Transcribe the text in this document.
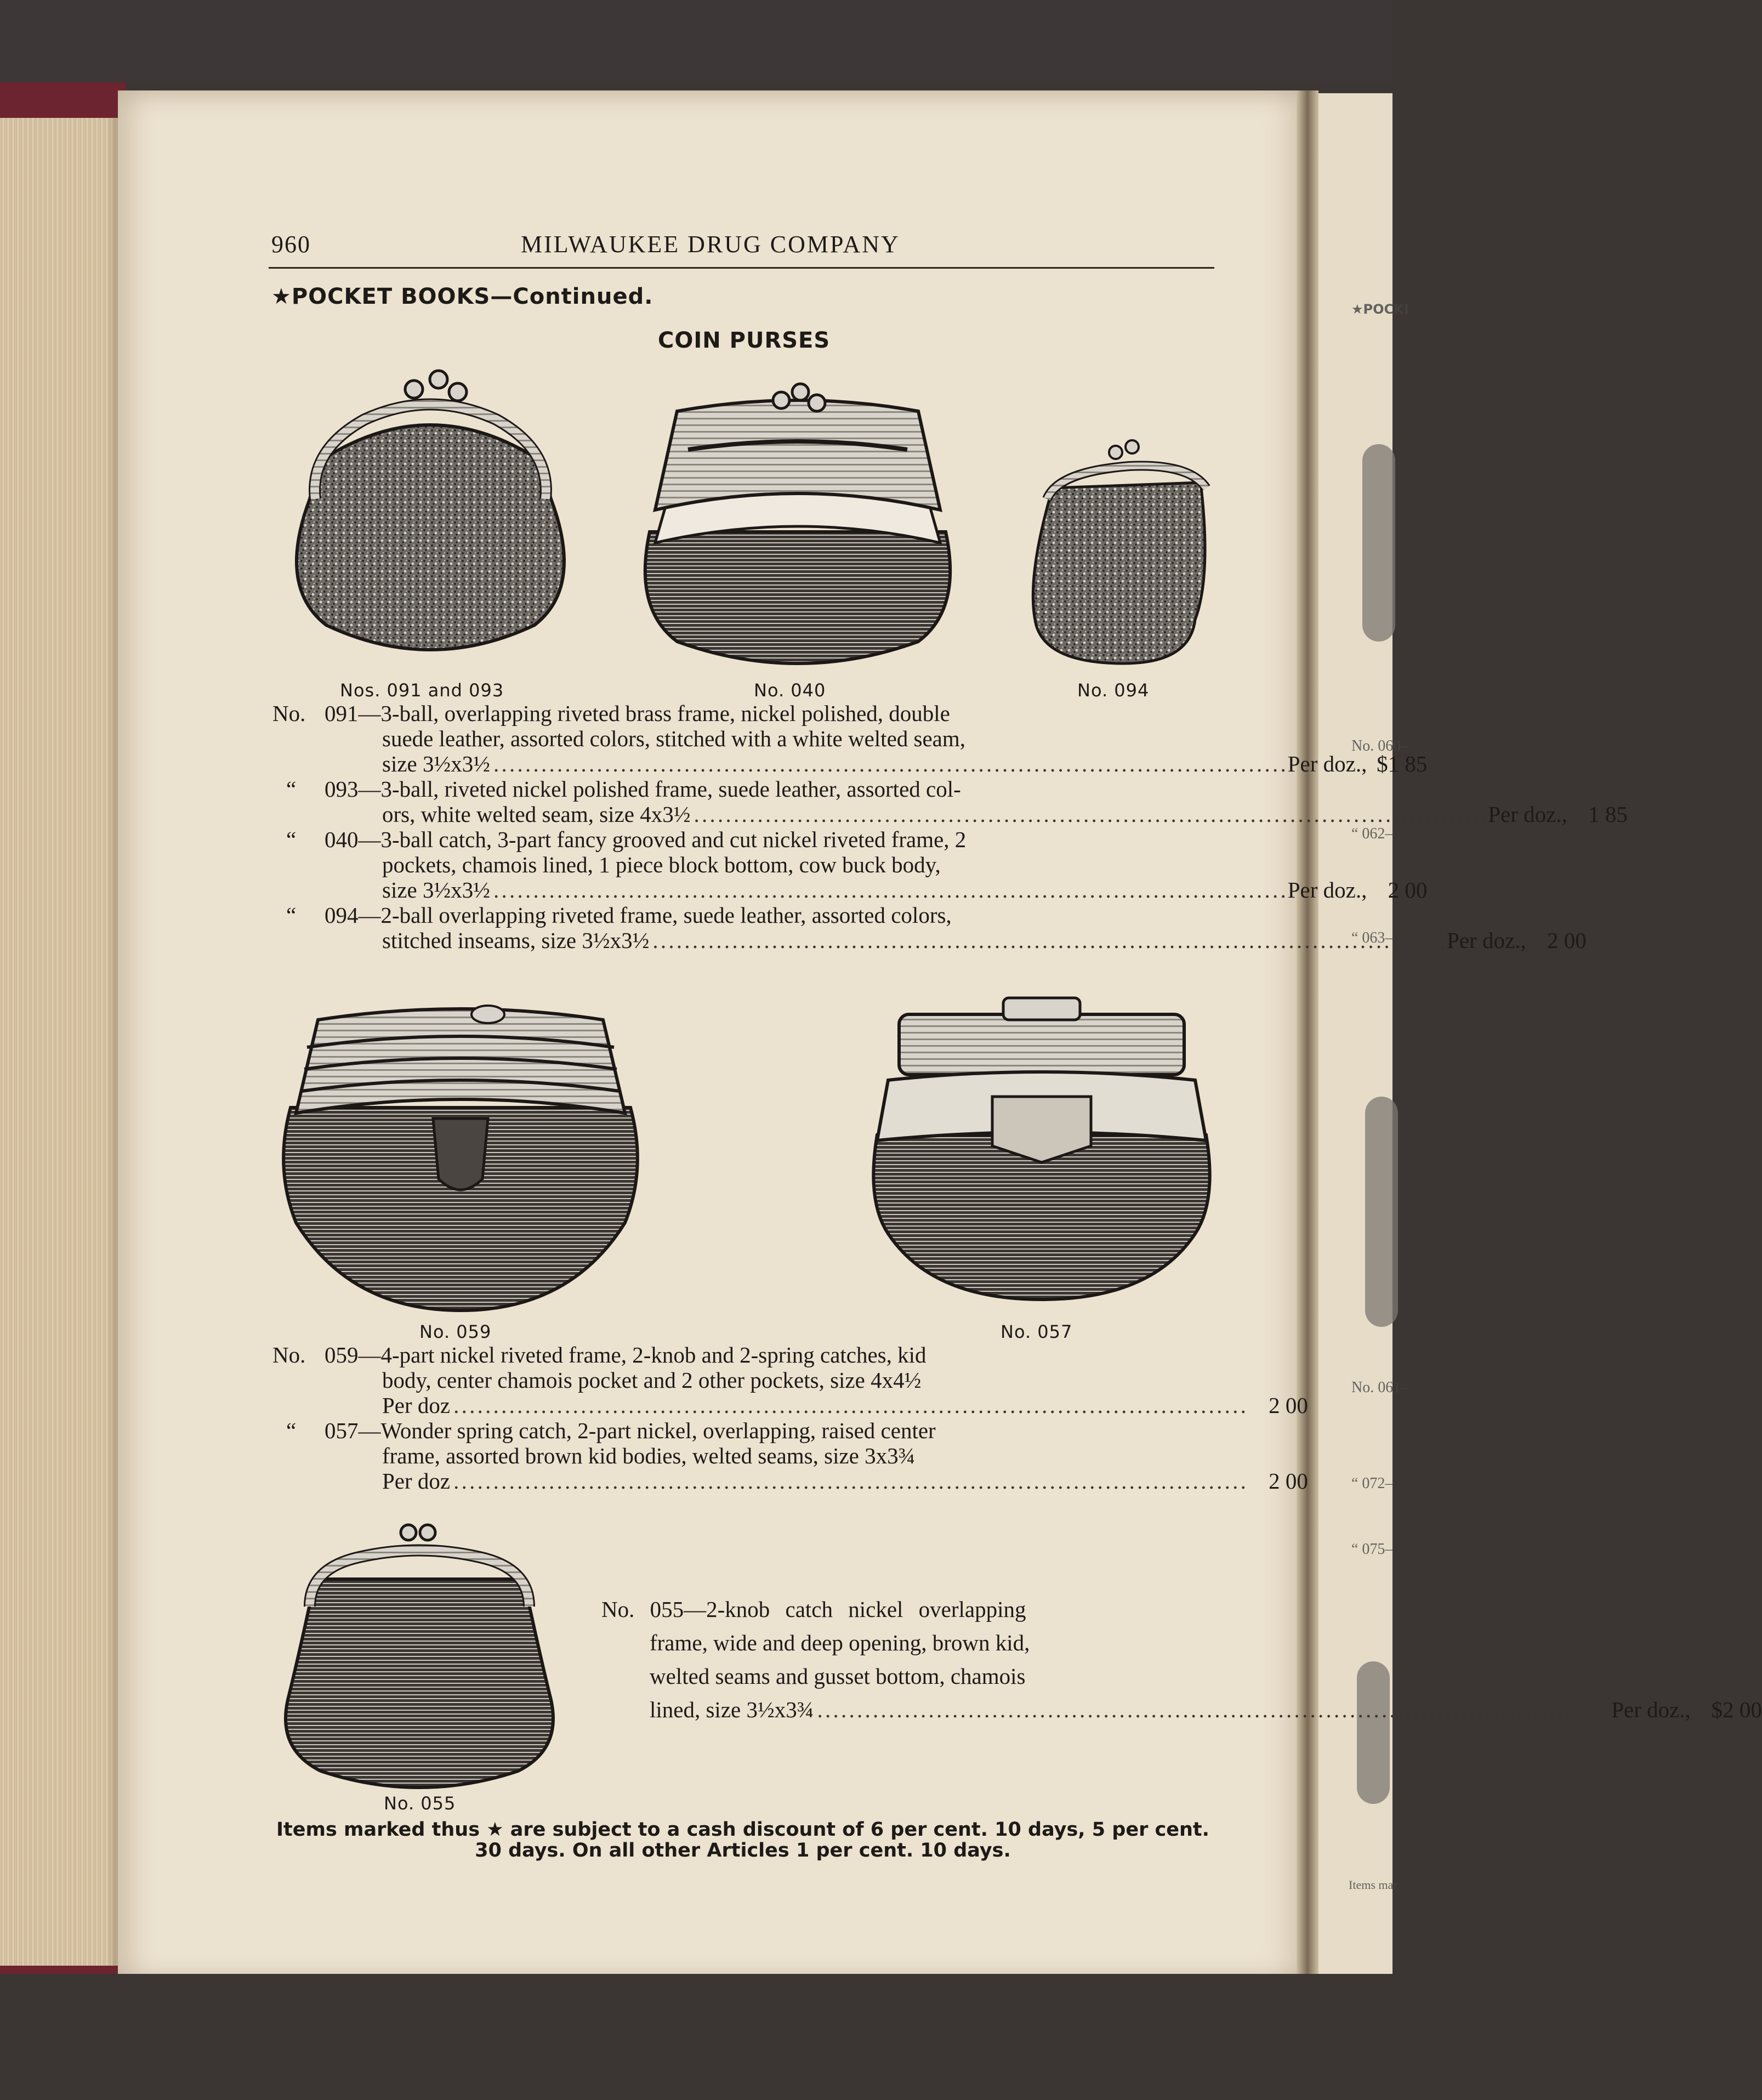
★POCKI
No. 060–
“ 062–
“ 063–
No. 061–
“ 072–
“ 075–
Items mar
960	MILWAUKEE DRUG COMPANY
★POCKET BOOKS—Continued.
COIN PURSES
Nos. 091 and 093	No. 040	No. 094
No. 091—3-ball, overlapping riveted brass frame, nickel polished, double
suede leather, assorted colors, stitched with a white welted seam,
size 3½x3½ . . .	Per doz., $1 85
“ 093—3-ball, riveted nickel polished frame, suede leather, assorted col-
ors, white welted seam, size 4x3½ . . .	Per doz., 1 85
“ 040—3-ball catch, 3-part fancy grooved and cut nickel riveted frame, 2
pockets, chamois lined, 1 piece block bottom, cow buck body,
size 3½x3½ . . .	Per doz., 2 00
“ 094—2-ball overlapping riveted frame, suede leather, assorted colors,
stitched inseams, size 3½x3½ . . .	Per doz., 2 00
No. 059	No. 057
No. 059—4-part nickel riveted frame, 2-knob and 2-spring catches, kid
body, center chamois pocket and 2 other pockets, size 4x4½
Per doz . . .	2 00
“ 057—Wonder spring catch, 2-part nickel, overlapping, raised center
frame, assorted brown kid bodies, welted seams, size 3x3¾
Per doz . . .	2 00
No. 055
No. 055—2-knob catch nickel overlapping
frame, wide and deep opening, brown kid,
welted seams and gusset bottom, chamois
lined, size 3½x3¾ . . .	Per doz., $2 00
Items marked thus ★ are subject to a cash discount of 6 per cent. 10 days, 5 per cent.
30 days. On all other Articles 1 per cent. 10 days.
